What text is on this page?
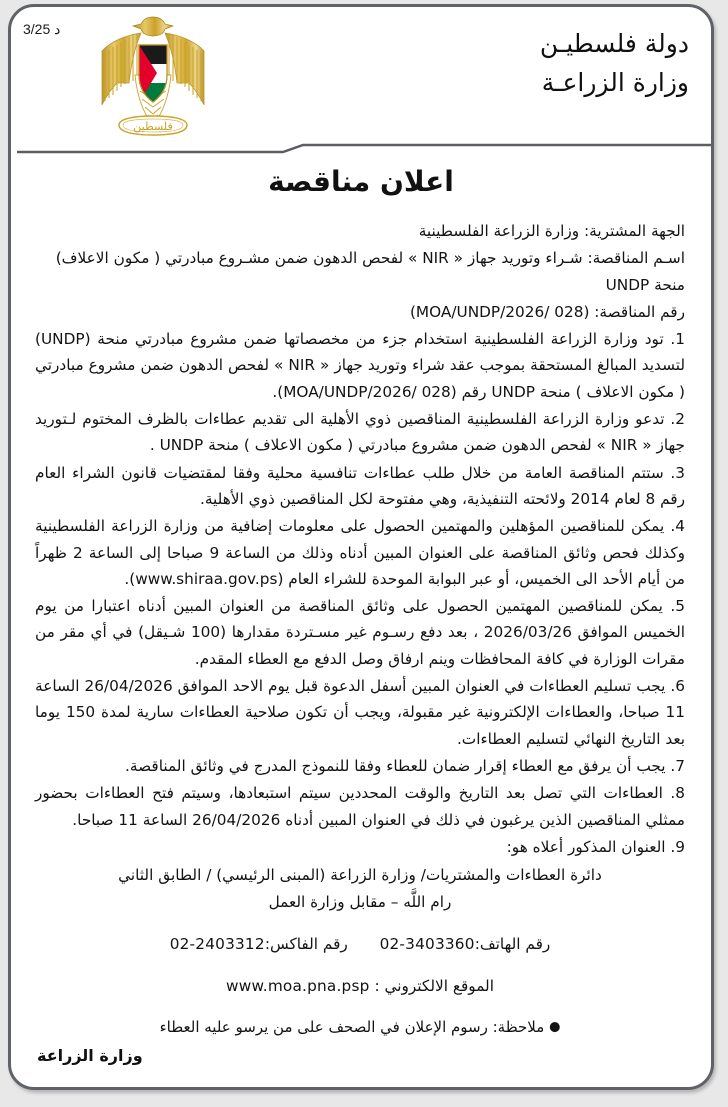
د 3/25
فلسطين
دولة فلسطيـن
وزارة الزراعـة
اعلان مناقصة

الجهة المشترية: وزارة الزراعة الفلسطينية

اسـم المناقصة: شـراء وتوريد جهاز « NIR » لفحص الدهون ضمن مشـروع مبادرتي ( مكون الاعلاف) منحة UNDP

رقم المناقصة: (MOA/UNDP/2026/ 028)

1. تود وزارة الزراعة الفلسطينية استخدام جزء من مخصصاتها ضمن مشروع مبادرتي منحة (UNDP) لتسديد المبالغ المستحقة بموجب عقد شراء وتوريد جهاز « NIR » لفحص الدهون ضمن مشروع مبادرتي ( مكون الاعلاف ) منحة UNDP رقم (MOA/UNDP/2026/ 028).

2. تدعو وزارة الزراعة الفلسطينية المناقصين ذوي الأهلية الى تقديم عطاءات بالظرف المختوم لـتوريد جهاز « NIR » لفحص الدهون ضمن مشروع مبادرتي ( مكون الاعلاف ) منحة UNDP .

3. ستتم المناقصة العامة من خلال طلب عطاءات تنافسية محلية وفقا لمقتضيات قانون الشراء العام رقم 8 لعام 2014 ولائحته التنفيذية، وهي مفتوحة لكل المناقصين ذوي الأهلية.

4. يمكن للمناقصين المؤهلين والمهتمين الحصول على معلومات إضافية من وزارة الزراعة الفلسطينية وكذلك فحص وثائق المناقصة على العنوان المبين أدناه وذلك من الساعة 9 صباحا إلى الساعة 2 ظهراً من أيام الأحد الى الخميس، أو عبر البوابة الموحدة للشراء العام (www.shiraa.gov.ps).

5. يمكن للمناقصين المهتمين الحصول على وثائق المناقصة من العنوان المبين أدناه اعتبارا من يوم الخميس الموافق 2026/03/26 ، بعد دفع رسـوم غير مسـتردة مقدارها (100 شـيقل) في أي مقر من مقرات الوزارة في كافة المحافظات وينم ارفاق وصل الدفع مع العطاء المقدم.

6. يجب تسليم العطاءات في العنوان المبين أسفل الدعوة قبل يوم الاحد الموافق 26/04/2026 الساعة 11 صباحا، والعطاءات الإلكترونية غير مقبولة، ويجب أن تكون صلاحية العطاءات سارية لمدة 150 يوما بعد التاريخ النهائي لتسليم العطاءات.

7. يجب أن يرفق مع العطاء إقرار ضمان للعطاء وفقا للنموذج المدرج في وثائق المناقصة.

8. العطاءات التي تصل بعد التاريخ والوقت المحددين سيتم استبعادها، وسيتم فتح العطاءات بحضور ممثلي المناقصين الذين يرغبون في ذلك في العنوان المبين أدناه 26/04/2026 الساعة 11 صباحا.

9. العنوان المذكور أعلاه هو:

دائرة العطاءات والمشتريات/ وزارة الزراعة (المبنى الرئيسي) / الطابق الثاني

رام اللَّه – مقابل وزارة العمل

رقم الهاتف:02-3403360  رقم الفاكس:02-2403312

الموقع الالكتروني : www.moa.pna.psp

● ملاحظة: رسوم الإعلان في الصحف على من يرسو عليه العطاء

وزارة الزراعة
